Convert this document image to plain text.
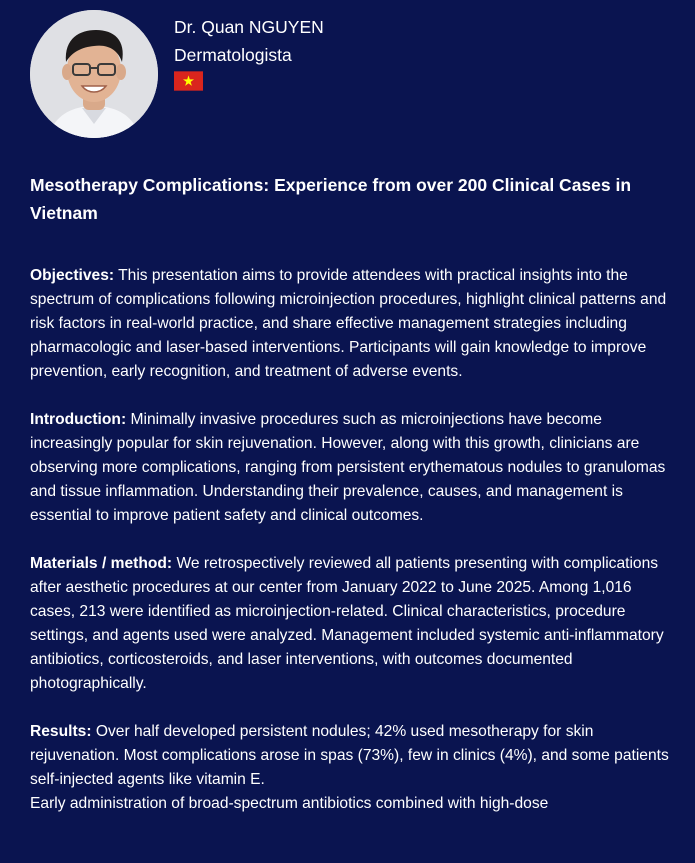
Dr. Quan NGUYEN
Dermatologista
Mesotherapy Complications: Experience from over 200 Clinical Cases in Vietnam

Objectives: This presentation aims to provide attendees with practical insights into the spectrum of complications following microinjection procedures, highlight clinical patterns and risk factors in real-world practice, and share effective management strategies including pharmacologic and laser-based interventions. Participants will gain knowledge to improve prevention, early recognition, and treatment of adverse events.

Introduction: Minimally invasive procedures such as microinjections have become increasingly popular for skin rejuvenation. However, along with this growth, clinicians are observing more complications, ranging from persistent erythematous nodules to granulomas and tissue inflammation. Understanding their prevalence, causes, and management is essential to improve patient safety and clinical outcomes.

Materials / method: We retrospectively reviewed all patients presenting with complications after aesthetic procedures at our center from January 2022 to June 2025. Among 1,016 cases, 213 were identified as microinjection-related. Clinical characteristics, procedure settings, and agents used were analyzed. Management included systemic anti-inflammatory antibiotics, corticosteroids, and laser interventions, with outcomes documented photographically.

Results: Over half developed persistent nodules; 42% used mesotherapy for skin rejuvenation. Most complications arose in spas (73%), few in clinics (4%), and some patients self-injected agents like vitamin E.

Early administration of broad-spectrum antibiotics combined with high-dose
